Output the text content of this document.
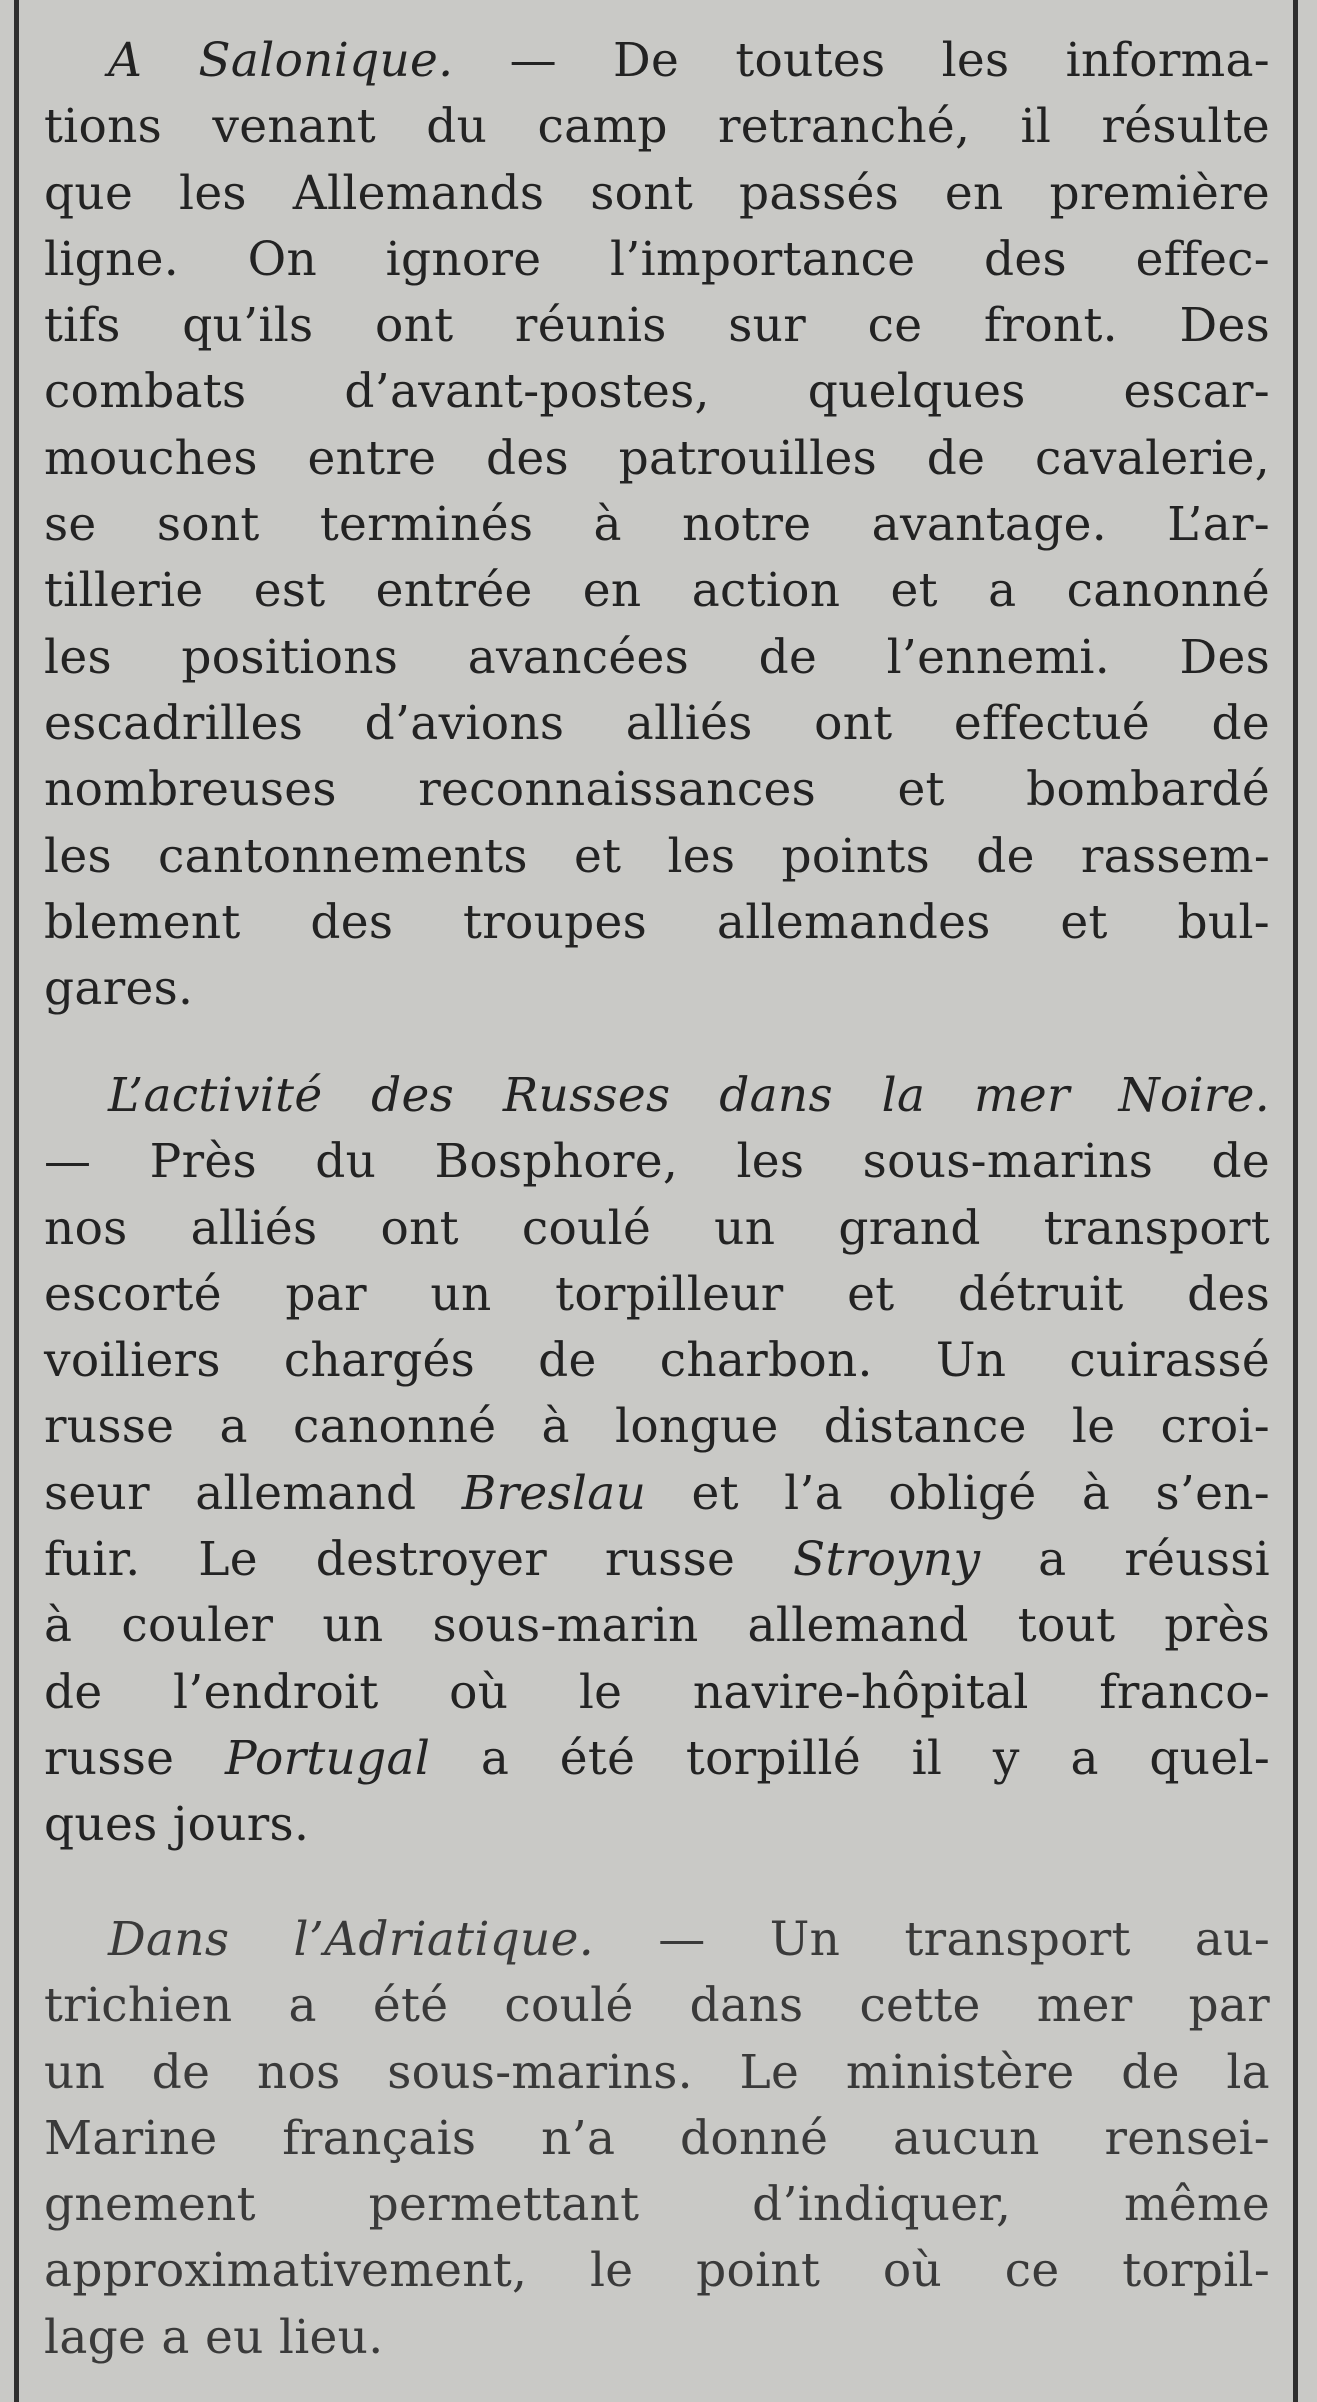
A Salonique. — De toutes les informa-
tions venant du camp retranché, il résulte
que les Allemands sont passés en première
ligne. On ignore l’importance des effec-
tifs qu’ils ont réunis sur ce front. Des
combats d’avant-postes, quelques escar-
mouches entre des patrouilles de cavalerie,
se sont terminés à notre avantage. L’ar-
tillerie est entrée en action et a canonné
les positions avancées de l’ennemi. Des
escadrilles d’avions alliés ont effectué de
nombreuses reconnaissances et bombardé
les cantonnements et les points de rassem-
blement des troupes allemandes et bul-
gares.
L’activité des Russes dans la mer Noire.
— Près du Bosphore, les sous-marins de
nos alliés ont coulé un grand transport
escorté par un torpilleur et détruit des
voiliers chargés de charbon. Un cuirassé
russe a canonné à longue distance le croi-
seur allemand Breslau et l’a obligé à s’en-
fuir. Le destroyer russe Stroyny a réussi
à couler un sous-marin allemand tout près
de l’endroit où le navire-hôpital franco-
russe Portugal a été torpillé il y a quel-
ques jours.
Dans l’Adriatique. — Un transport au-
trichien a été coulé dans cette mer par
un de nos sous-marins. Le ministère de la
Marine français n’a donné aucun rensei-
gnement permettant d’indiquer, même
approximativement, le point où ce torpil-
lage a eu lieu.
